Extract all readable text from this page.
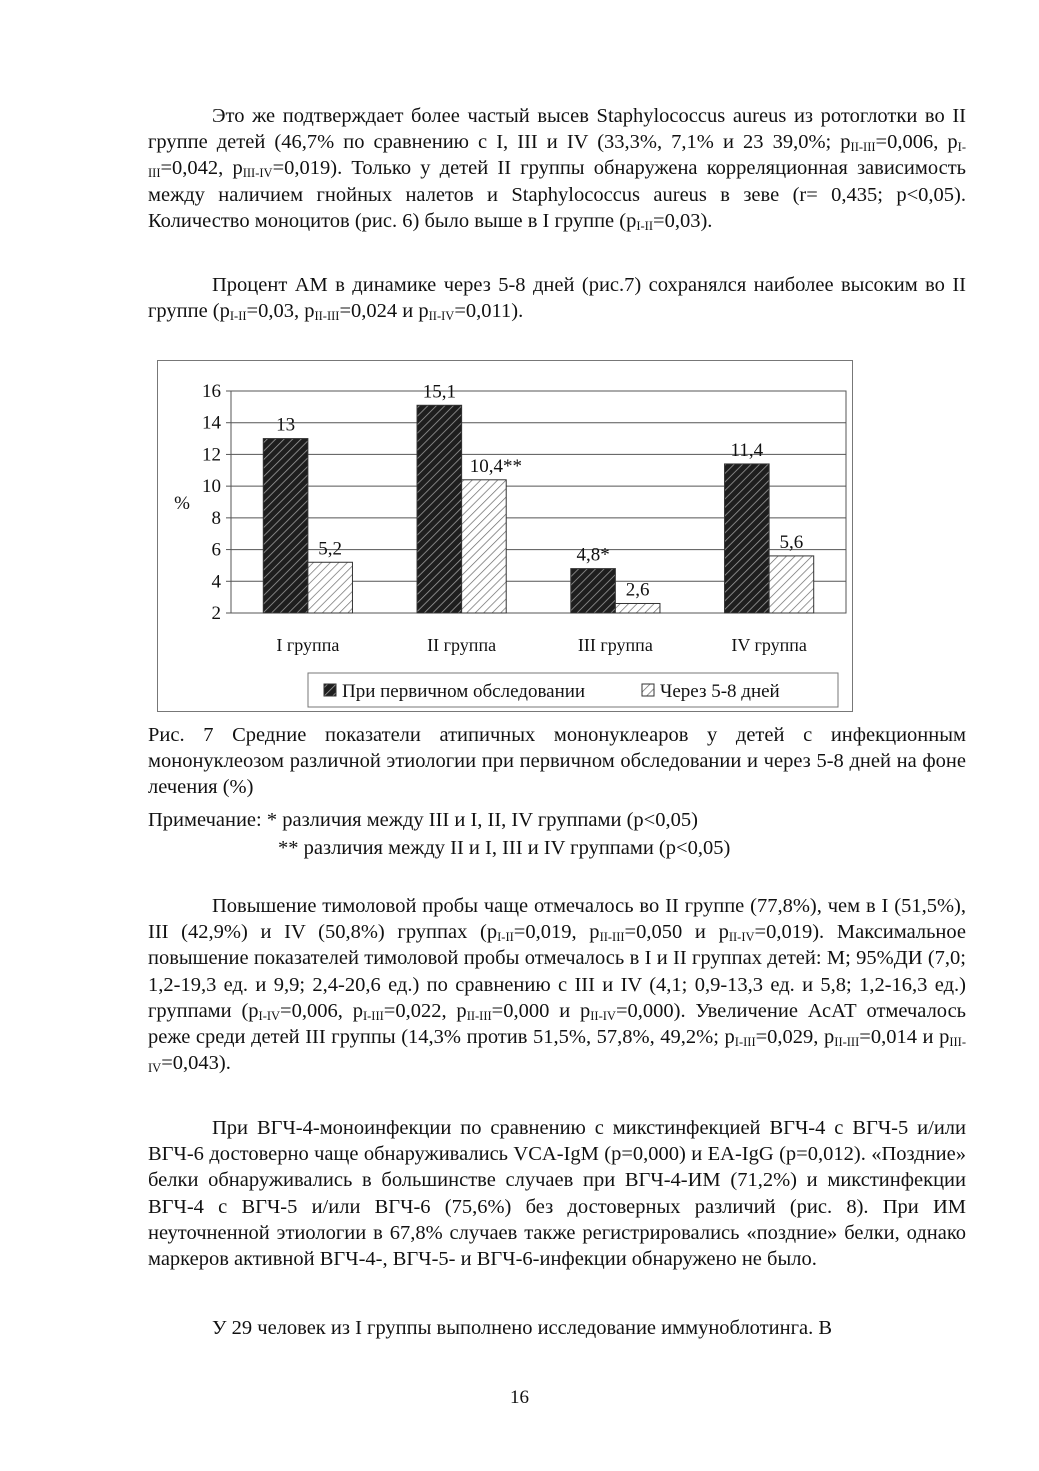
Это же подтверждает более частый высев Staphylococcus aureus из ротоглотки во II группе детей (46,7% по сравнению с I, III и IV (33,3%, 7,1% и 23 39,0%; $р_{II-III}=0,006$, $р_{I-III}=0,042$, $р_{III-IV}=0,019$). Только у детей II группы обнаружена корреляционная зависимость между наличием гнойных налетов и Staphylococcus aureus в зеве (r= 0,435; р<0,05). Количество моноцитов (рис. 6) было выше в I группе $(р_{I-II}=0,03)$.

Процент АМ в динамике через 5-8 дней (рис.7) сохранялся наиболее высоким во II группе ($р_{I-II}=0,03$, $р_{II-III}=0,024$ и $р_{II-IV}=0,011$).

2
4
6
8
10
12
14
16
%
I группа	II группа	III группа	IV группа
13
5,2
15,1
10,4**
4,8*
2,6
11,4
5,6
При первичном обследовании	Через 5-8 дней

Рис. 7 Средние показатели атипичных мононуклеаров у детей с инфекционным мононуклеозом различной этиологии при первичном обследовании и через 5-8 дней на фоне лечения (%)

Примечание: * различия между III и I, II, IV группами (р<0,05)

** различия между II и I, III и IV группами (р<0,05)

Повышение тимоловой пробы чаще отмечалось во II группе (77,8%), чем в I (51,5%), III (42,9%) и IV (50,8%) группах ($р_{I-II}=0,019$, $р_{II-III}=0,050$ и $р_{II-IV}=0,019$). Максимальное повышение показателей тимоловой пробы отмечалось в I и II группах детей: М; 95%ДИ (7,0; 1,2-19,3 ед. и 9,9; 2,4-20,6 ед.) по сравнению с III и IV (4,1; 0,9-13,3 ед. и 5,8; 1,2-16,3 ед.) группами ($р_{I-IV}=0,006$, $р_{I-III}=0,022$, $р_{II-III}=0,000$ и $р_{II-IV}=0,000$). Увеличение АсАТ отмечалось реже среди детей III группы (14,3% против 51,5%, 57,8%, 49,2%; $р_{I-III}=0,029$, $р_{II-III}=0,014$ и $р_{III-IV}=0,043$).

При ВГЧ-4-моноинфекции по сравнению с микстинфекцией ВГЧ-4 с ВГЧ-5 и/или ВГЧ-6 достоверно чаще обнаруживались VCA-IgM (р=0,000) и EA-IgG (р=0,012). «Поздние» белки обнаруживались в большинстве случаев при ВГЧ-4-ИМ (71,2%) и микстинфекции ВГЧ-4 с ВГЧ-5 и/или ВГЧ-6 (75,6%) без достоверных различий (рис. 8). При ИМ неуточненной этиологии в 67,8% случаев также регистрировались «поздние» белки, однако маркеров активной ВГЧ-4-, ВГЧ-5- и ВГЧ-6-инфекции обнаружено не было.

У 29 человек из I группы выполнено исследование иммуноблотинга. В

16
